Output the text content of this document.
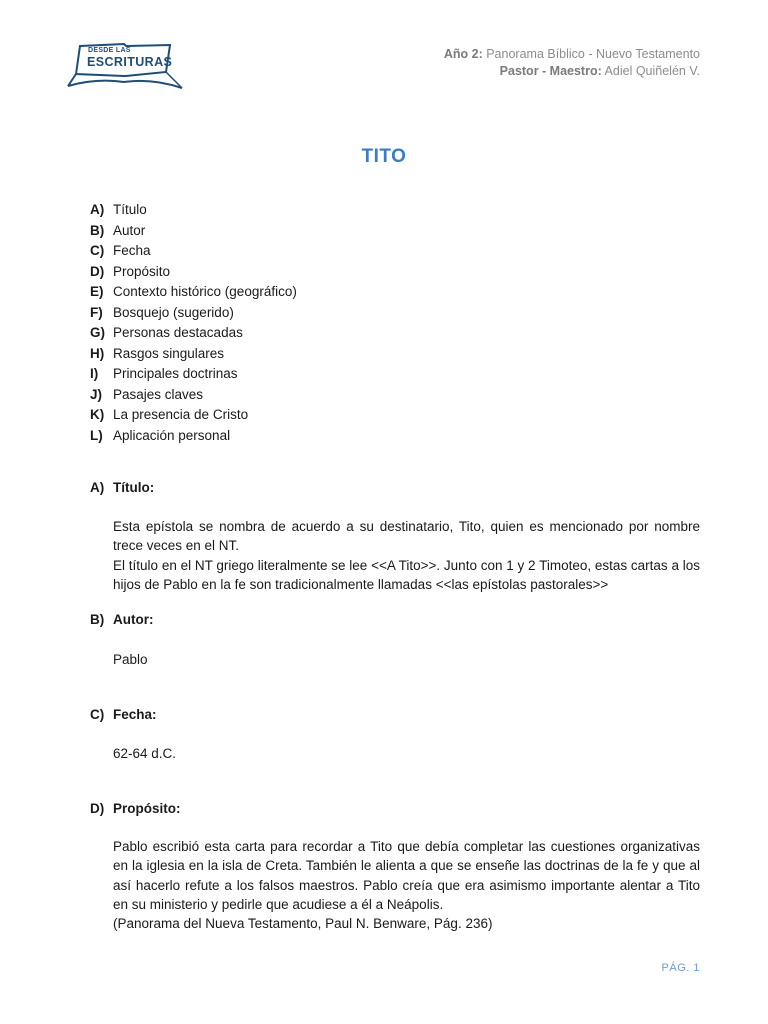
DESDE LAS
ESCRITURAS
Año 2: Panorama Bíblico - Nuevo Testamento
Pastor - Maestro: Adiel Quiñelén V.
TITO
A) Título
B) Autor
C) Fecha
D) Propósito
E) Contexto histórico (geográfico)
F) Bosquejo (sugerido)
G) Personas destacadas
H) Rasgos singulares
I)	Principales doctrinas
J) Pasajes claves
K) La presencia de Cristo
L) Aplicación personal
A) Título:

Esta epístola se nombra de acuerdo a su destinatario, Tito, quien es mencionado por nombre trece veces en el NT.

El título en el NT griego literalmente se lee <<A Tito>>. Junto con 1 y 2 Timoteo, estas cartas a los hijos de Pablo en la fe son tradicionalmente llamadas <<las epístolas pastorales>>

B) Autor:

Pablo

C) Fecha:

62-64 d.C.

D) Propósito:

Pablo escribió esta carta para recordar a Tito que debía completar las cuestiones organizativas en la iglesia en la isla de Creta. También le alienta a que se enseñe las doctrinas de la fe y que al así hacerlo refute a los falsos maestros. Pablo creía que era asimismo importante alentar a Tito en su ministerio y pedirle que acudiese a él a Neápolis.

(Panorama del Nueva Testamento, Paul N. Benware, Pág. 236)

PÁG. 1
